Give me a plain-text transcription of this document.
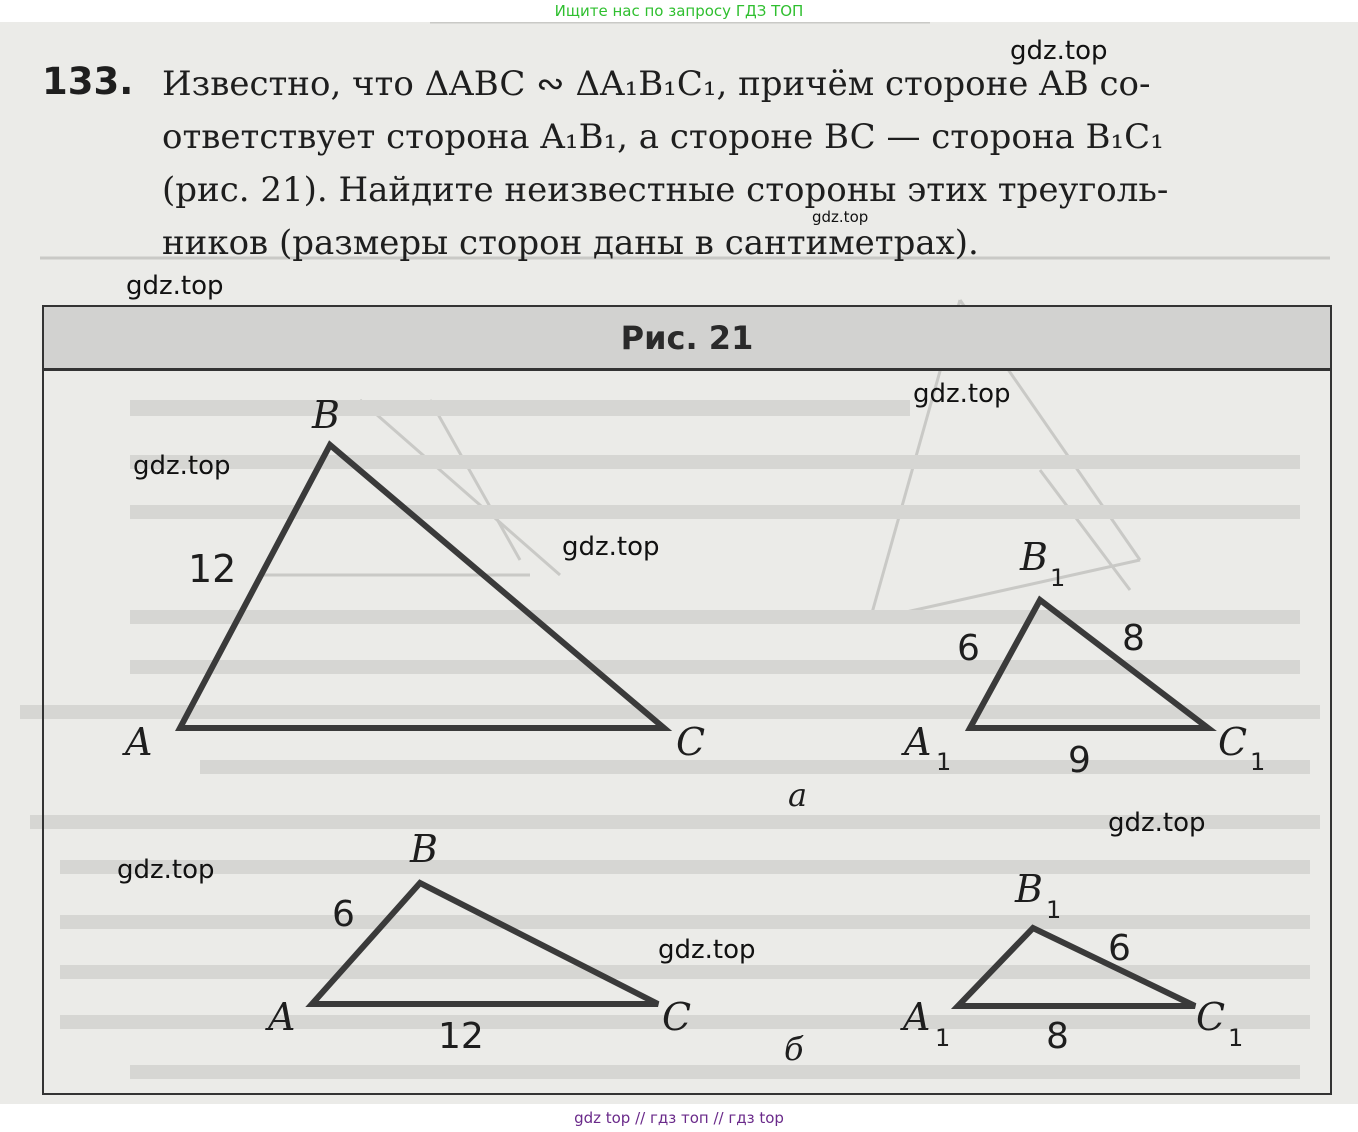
Ищите нас по запросу ГДЗ ТОП
133. Известно, что ΔABC ∾ ΔA₁B₁C₁, причём стороне AB со-
ответствует сторона A₁B₁, а стороне BC — сторона B₁C₁
(рис. 21). Найдите неизвестные стороны этих треуголь-
ников (размеры сторон даны в сантиметрах).
Рис. 21
B
A	C
12	B 1
A 1	C 1
6	8
9
а
B
A	C
6
12
B 1
A 1	C 1
6
8
б
gdz.top
gdz.top
gdz.top
gdz.top
gdz.top
gdz.top
gdz.top
gdz.top
gdz.top
gdz top // гдз топ // гдз top
